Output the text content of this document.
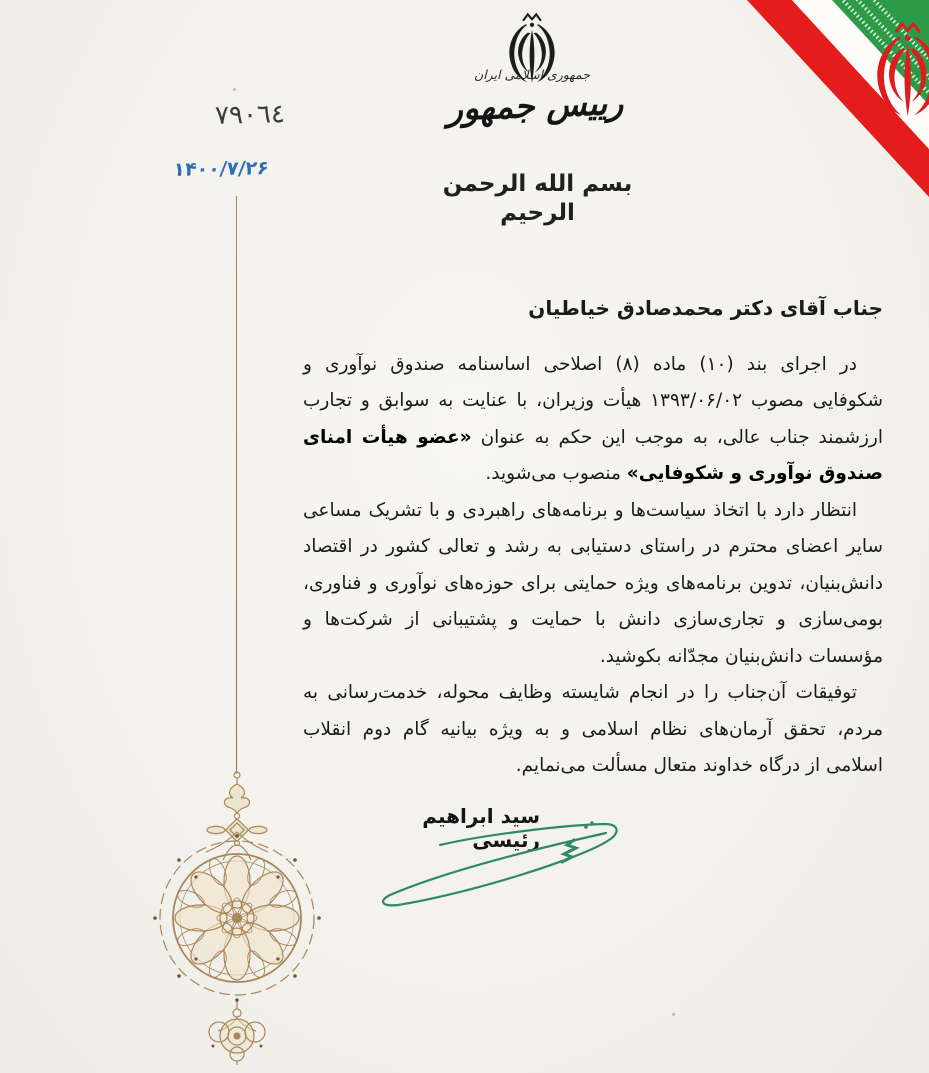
جمهوری اسلامی ایران
رییس جمهور
بسم الله الرحمن الرحیم
٧٩٠٦٤
۱۴۰۰/۷/۲۶
جناب آقای دکتر محمدصادق خیاطیان

در اجرای بند (۱۰) ماده (۸) اصلاحی اساسنامه صندوق نوآوری و شکوفایی مصوب ۱۳۹۳/۰۶/۰۲ هیأت وزیران، با عنایت به سوابق و تجارب ارزشمند جناب عالی، به موجب این حکم به عنوان «عضو هیأت امنای صندوق نوآوری و شکوفایی» منصوب می‌شوید.

انتظار دارد با اتخاذ سیاست‌ها و برنامه‌های راهبردی و با تشریک مساعی سایر اعضای محترم در راستای دستیابی به رشد و تعالی کشور در اقتصاد دانش‌بنیان، تدوین برنامه‌های ویژه حمایتی برای حوزه‌های نوآوری و فناوری، بومی‌سازی و تجاری‌سازی دانش با حمایت و پشتیبانی از شرکت‌ها و مؤسسات دانش‌بنیان مجدّانه بکوشید.

توفیقات آن‌جناب را در انجام شایسته وظایف محوله، خدمت‌رسانی به مردم، تحقق آرمان‌های نظام اسلامی و به ویژه بیانیه گام دوم انقلاب اسلامی از درگاه خداوند متعال مسألت می‌نمایم.

سید ابراهیم رئیسی
